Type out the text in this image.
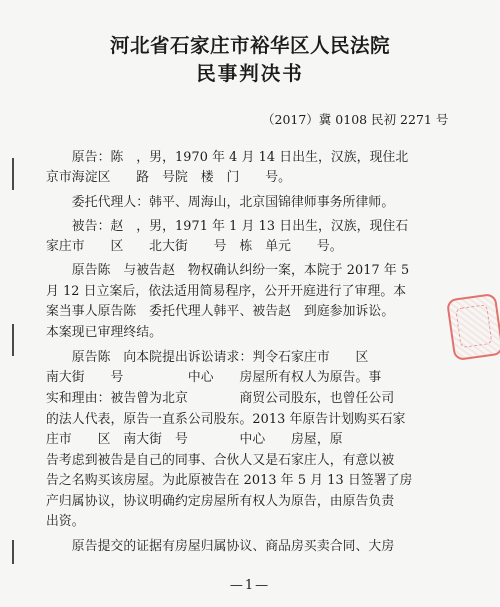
河北省石家庄市裕华区人民法院
民事判决书
（2017）冀 0108 民初 2271 号
　　原告：陈　，男，1970 年 4 月 14 日出生，汉族，现住北
京市海淀区　　路　号院　楼　门　　号。
　　委托代理人：韩平、周海山，北京国锦律师事务所律师。
　　被告：赵　，男，1971 年 1 月 13 日出生，汉族，现住石
家庄市　　区　　北大街　　号　栋　单元　　号。
　　原告陈　与被告赵　物权确认纠纷一案，本院于 2017 年 5
月 12 日立案后，依法适用简易程序，公开开庭进行了审理。本
案当事人原告陈　委托代理人韩平、被告赵　到庭参加诉讼。
本案现已审理终结。
　　原告陈　向本院提出诉讼请求：判令石家庄市　　区
南大街　　号　　　　　中心　　房屋所有权人为原告。事
实和理由：被告曾为北京　　　　商贸公司股东，也曾任公司
的法人代表，原告一直系公司股东。2013 年原告计划购买石家
庄市　　区　南大街　号　　　　中心　　房屋，原
告考虑到被告是自己的同事、合伙人又是石家庄人，有意以被
告之名购买该房屋。为此原被告在 2013 年 5 月 13 日签署了房
产归属协议，协议明确约定房屋所有权人为原告，由原告负责
出资。
　　原告提交的证据有房屋归属协议、商品房买卖合同、大房
—1—
